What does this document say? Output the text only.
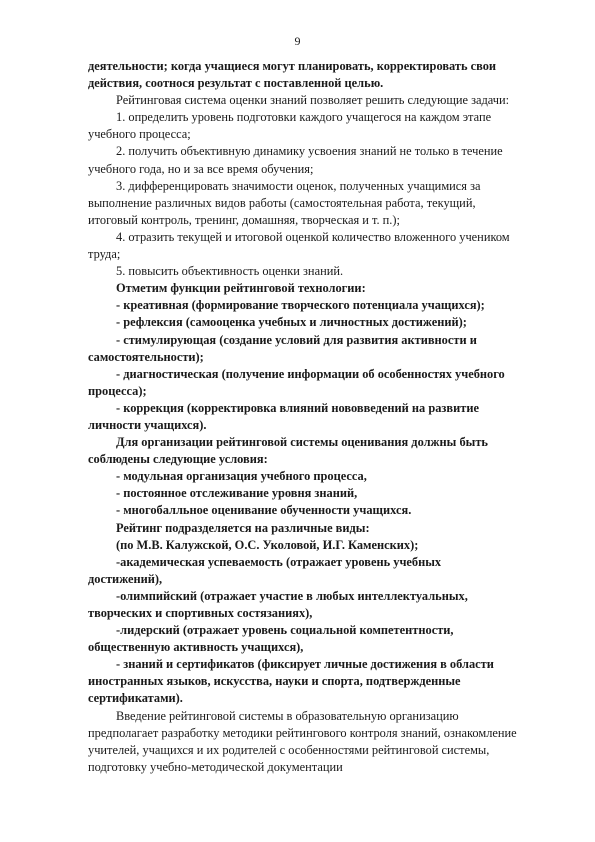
9

деятельности; когда учащиеся могут планировать, корректировать свои действия, соотнося результат с поставленной целью.

Рейтинговая система оценки знаний позволяет решить следующие задачи:

1. определить уровень подготовки каждого учащегося на каждом этапе учебного процесса;

2. получить объективную динамику усвоения знаний не только в течение учебного года, но и за все время обучения;

3. дифференцировать значимости оценок, полученных учащимися за выполнение различных видов работы (самостоятельная работа, текущий, итоговый контроль, тренинг, домашняя, творческая и т. п.);

4. отразить текущей и итоговой оценкой количество вложенного учеником труда;

5. повысить объективность оценки знаний.

Отметим функции рейтинговой технологии:

- креативная (формирование творческого потенциала учащихся);

- рефлексия (самооценка учебных и личностных достижений);

- стимулирующая (создание условий для развития активности и самостоятельности);

- диагностическая (получение информации об особенностях учебного процесса);

- коррекция (корректировка влияний нововведений на развитие личности учащихся).

Для организации рейтинговой системы оценивания должны быть соблюдены следующие условия:

- модульная организация учебного процесса,

- постоянное отслеживание уровня знаний,

- многобалльное оценивание обученности учащихся.

Рейтинг подразделяется на различные виды:

(по М.В. Калужской, О.С. Уколовой, И.Г. Каменских);

-академическая успеваемость (отражает уровень учебных достижений),

-олимпийский (отражает участие в любых интеллектуальных, творческих и спортивных состязаниях),

-лидерский (отражает уровень социальной компетентности, общественную активность учащихся),

- знаний и сертификатов (фиксирует личные достижения в области иностранных языков, искусства, науки и спорта, подтвержденные сертификатами).

Введение рейтинговой системы в образовательную организацию предполагает разработку методики рейтингового контроля знаний, ознакомление учителей, учащихся и их родителей с особенностями рейтинговой системы, подготовку учебно-методической документации
